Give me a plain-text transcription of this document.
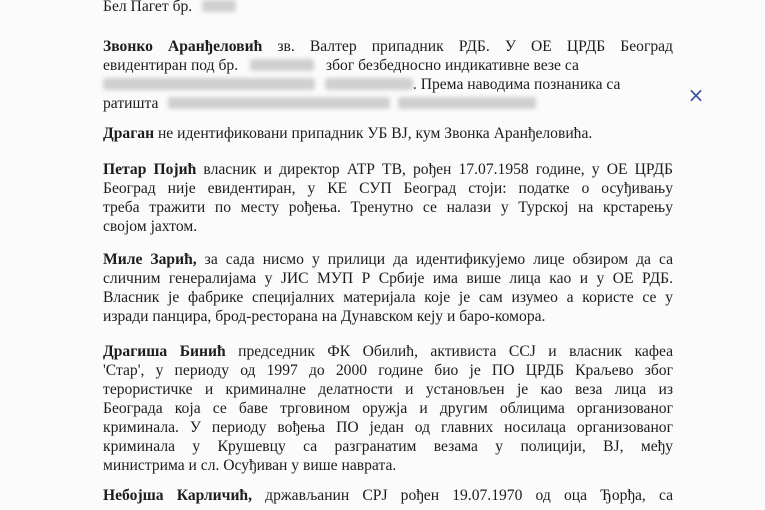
Бел Пагет бр.
Звонко Аранђеловић зв. Валтер припадник РДБ. У ОЕ ЦРДБ Београд
евидентиран под бр.	због безбедносно индикативне везе са
. Према наводима познаника са
ратишта	×
Драган не идентификовани припадник УБ ВЈ, кум Звонка Аранђеловића.
Петар Појић власник и директор АТР ТВ, рођен 17.07.1958 године, у ОЕ ЦРДБ
Београд није евидентиран, у КЕ СУП Београд стоји: податке о осуђивању
треба тражити по месту рођења. Тренутно се налази у Турској на крстарењу
својом јахтом.
Миле Зарић, за сада нисмо у прилици да идентификујемо лице обзиром да са
сличним генералијама у ЈИС МУП Р Србије има више лица као и у ОЕ РДБ.
Власник је фабрике специјалних материјала које је сам изумео а користе се у
изради панцира, брод-ресторана на Дунавском кеју и баро-комора.
Драгиша Бинић председник ФК Обилић, активиста ССЈ и власник кафеа
'Стар', у периоду од 1997 до 2000 године био је ПО ЦРДБ Краљево због
терористичке и криминалне делатности и установљен је као веза лица из
Београда која се баве трговином оружја и другим облицима организованог
криминала. У периоду вођења ПО један од главних носилаца организованог
криминала у Крушевцу са разгранатим везама у полицији, ВЈ, међу
министрима и сл. Осуђиван у више наврата.
Небојша Карличић, држављанин СРЈ рођен 19.07.1970 од оца Ђорђа, са
